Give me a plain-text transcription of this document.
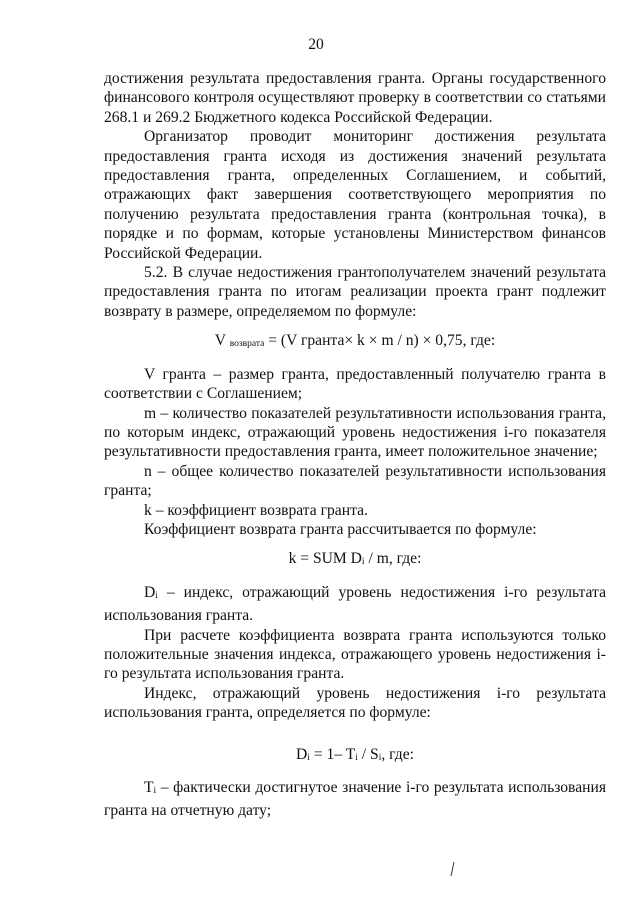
20

достижения результата предоставления гранта. Органы государственного финансового контроля осуществляют проверку в соответствии со статьями 268.1 и 269.2 Бюджетного кодекса Российской Федерации.

Организатор проводит мониторинг достижения результата предоставления гранта исходя из достижения значений результата предоставления гранта, определенных Соглашением, и событий, отражающих факт завершения соответствующего мероприятия по получению результата предоставления гранта (контрольная точка), в порядке и по формам, которые установлены Министерством финансов Российской Федерации.

5.2. В случае недостижения грантополучателем значений результата предоставления гранта по итогам реализации проекта грант подлежит возврату в размере, определяемом по формуле:

V возврата = (V гранта× k × m / n) × 0,75, где:

V гранта – размер гранта, предоставленный получателю гранта в соответствии с Соглашением;

m – количество показателей результативности использования гранта, по которым индекс, отражающий уровень недостижения i-го показателя результативности предоставления гранта, имеет положительное значение;

n – общее количество показателей результативности использования гранта;

k – коэффициент возврата гранта.

Коэффициент возврата гранта рассчитывается по формуле:

k = SUM Di / m, где:

Di – индекс, отражающий уровень недостижения i-го результата использования гранта.

При расчете коэффициента возврата гранта используются только положительные значения индекса, отражающего уровень недостижения i-го результата использования гранта.

Индекс, отражающий уровень недостижения i-го результата использования гранта, определяется по формуле:

Di = 1– Ti / Si, где:

Ti – фактически достигнутое значение i-го результата использования гранта на отчетную дату;
